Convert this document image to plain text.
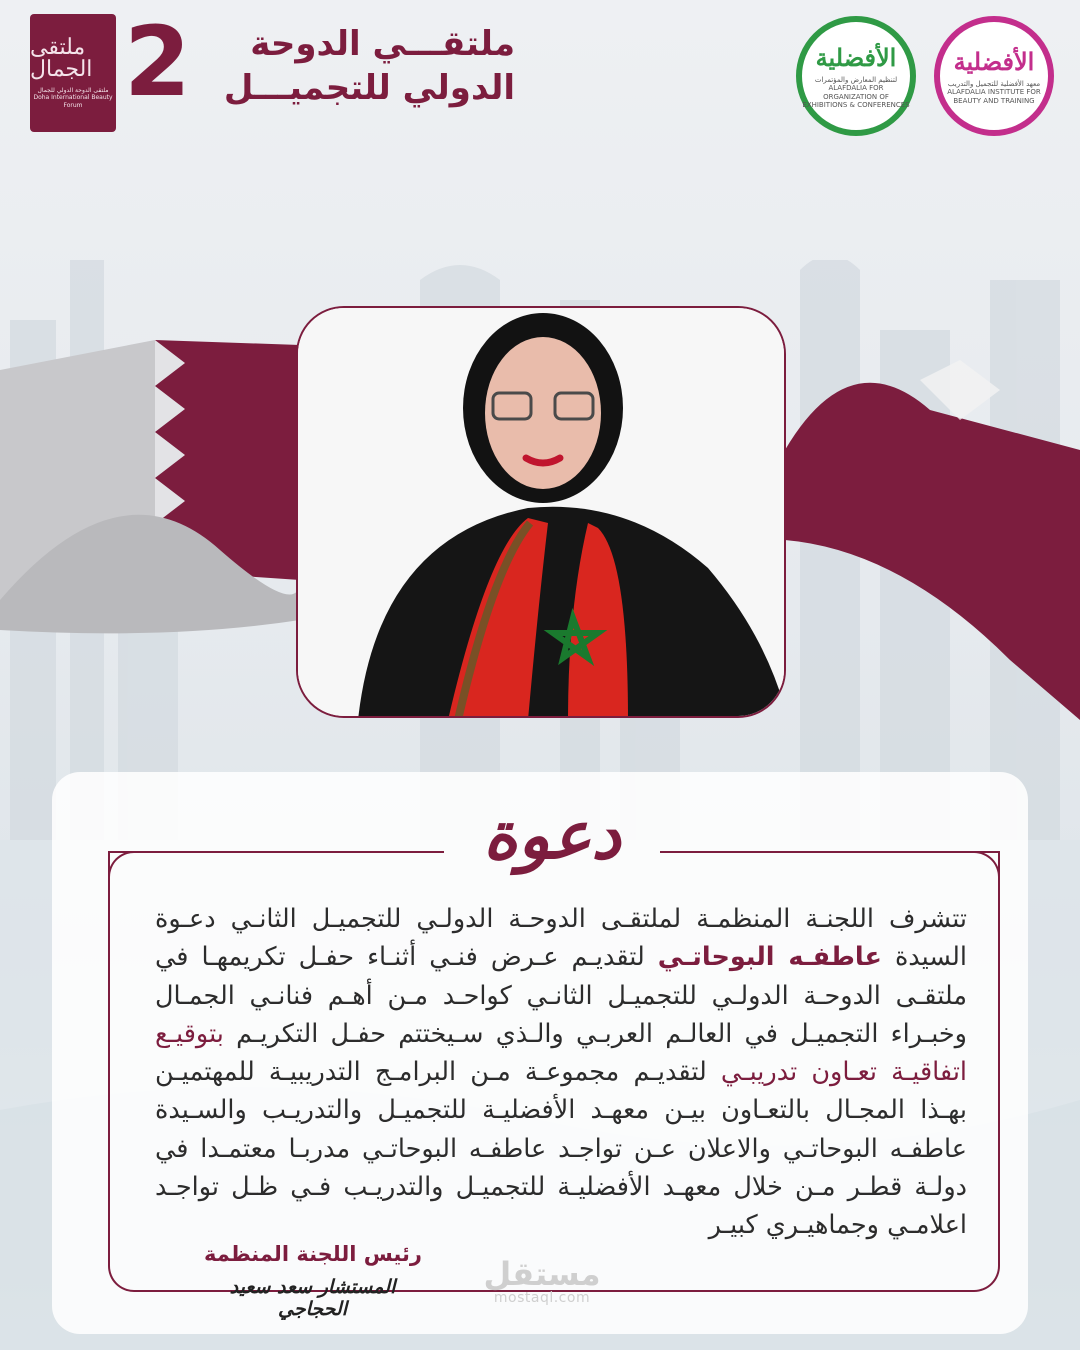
ملتقى الجمال
ملتقى الدوحة الدولي للجمال
Doha International Beauty Forum 2	ملتقـــي الدوحة
الدولي للتجميـــل
الأفضلية
لتنظيم المعارض والمؤتمرات
ALAFDALIA FOR ORGANIZATION OF EXHIBITIONS & CONFERENCES
الأفضلية
معهد الأفضلية للتجميل والتدريب
ALAFDALIA INSTITUTE FOR BEAUTY AND TRAINING
دعوة
تتشرف اللجنـة المنظمـة لملتقـى الدوحـة الدولـي للتجميـل الثانـي دعـوة السيدة عاطفـه البوحاتـي لتقديـم عـرض فنـي أثنـاء حفـل تكريمهـا في ملتقـى الدوحـة الدولـي للتجميـل الثانـي كواحـد مـن أهـم فنانـي الجمـال وخبـراء التجميـل في العالـم العربـي والـذي سـيختتم حفـل التكريـم بتوقيـع اتفاقيـة تعـاون تدريبـي لتقديـم مجموعـة مـن البرامـج التدريبيـة للمهتميـن بهـذا المجـال بالتعـاون بيـن معهـد الأفضليـة للتجميـل والتدريـب والسـيدة عاطفـه البوحاتـي والاعلان عـن تواجـد عاطفـه البوحاتـي مدربـا معتمـدا في دولـة قطـر مـن خلال معهـد الأفضليـة للتجميـل والتدريـب فـي ظـل تواجـد اعلامـي وجماهيـري كبيـر
رئيس اللجنة المنظمة
المستشار سعد سعيد الحجاجي
مستقل
mostaql.com
